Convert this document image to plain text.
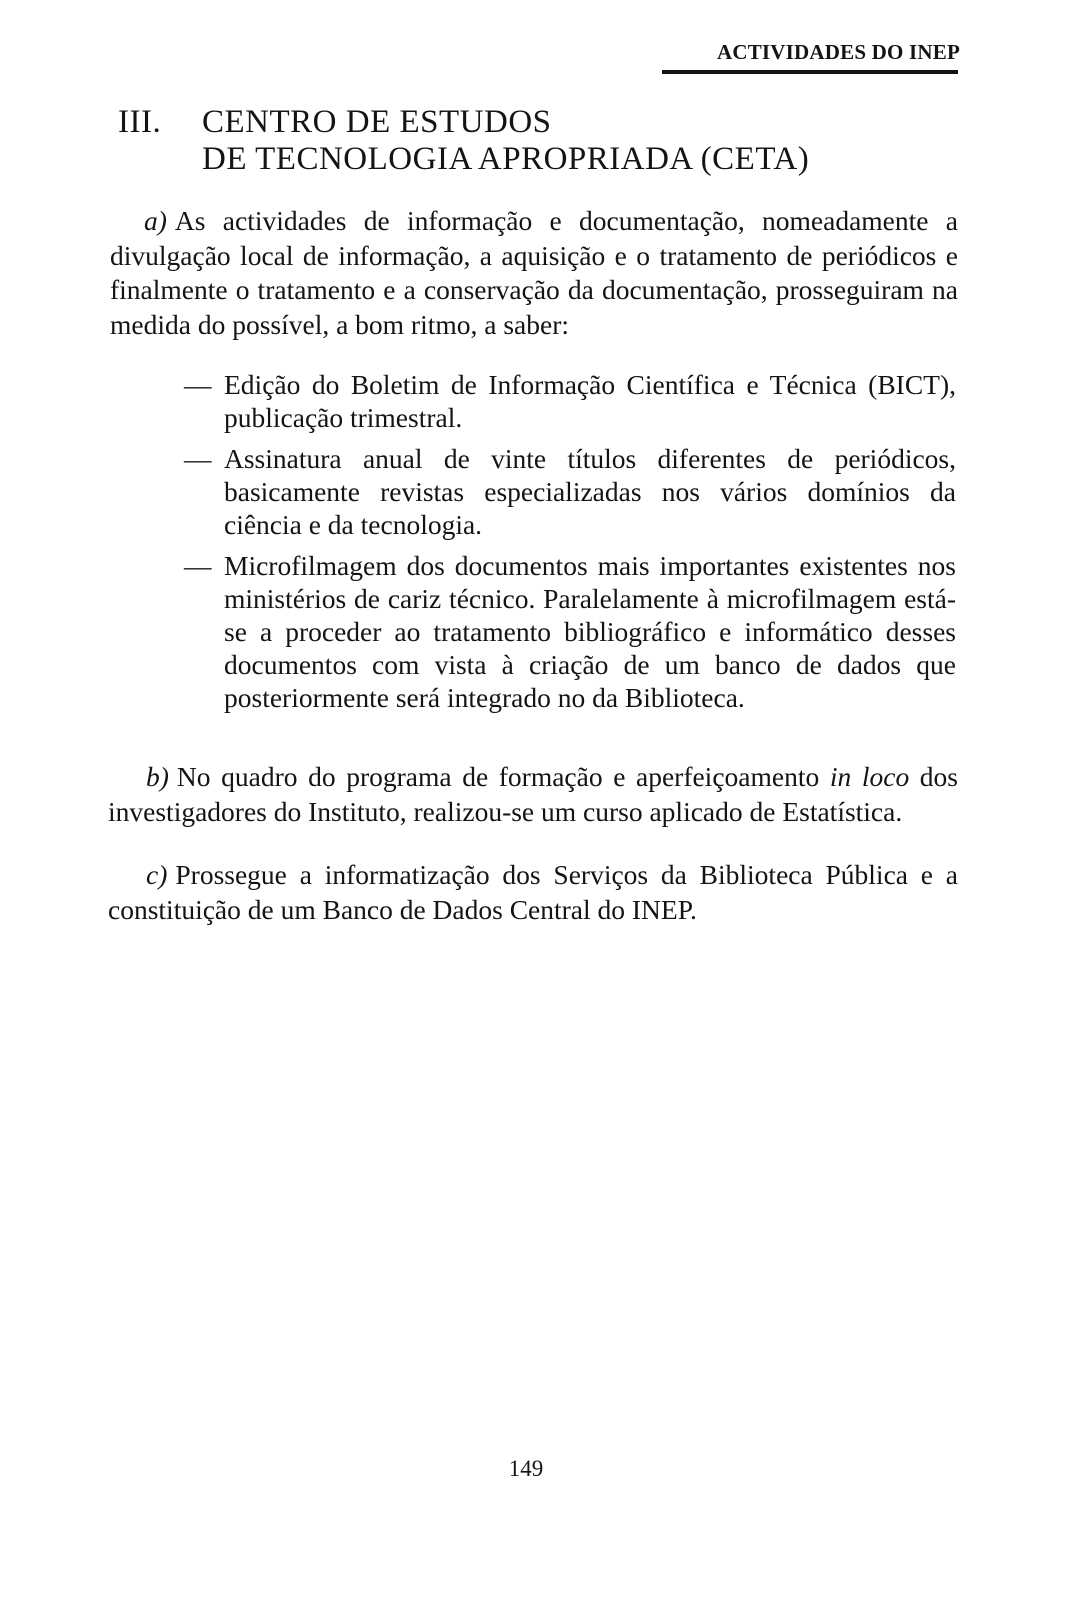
ACTIVIDADES DO INEP
III. CENTRO DE ESTUDOS
DE TECNOLOGIA APROPRIADA (CETA)

a) As actividades de informação e documentação, nomeadamente a divulgação local de informação, a aquisição e o tratamento de periódicos e finalmente o tratamento e a conservação da documentação, prosseguiram na medida do possível, a bom ritmo, a saber:

— Edição do Boletim de Informação Científica e Técnica (BICT), publicação trimestral.
— Assinatura anual de vinte títulos diferentes de periódicos, basicamente revistas especializadas nos vários domínios da ciência e da tecnologia.
— Microfilmagem dos documentos mais importantes existentes nos ministérios de cariz técnico. Paralelamente à microfilmagem está-se a proceder ao tratamento bibliográfico e informático desses documentos com vista à criação de um banco de dados que posteriormente será integrado no da Biblioteca.

b) No quadro do programa de formação e aperfeiçoamento in loco dos investigadores do Instituto, realizou-se um curso aplicado de Estatística.

c) Prossegue a informatização dos Serviços da Biblioteca Pública e a constituição de um Banco de Dados Central do INEP.

149
